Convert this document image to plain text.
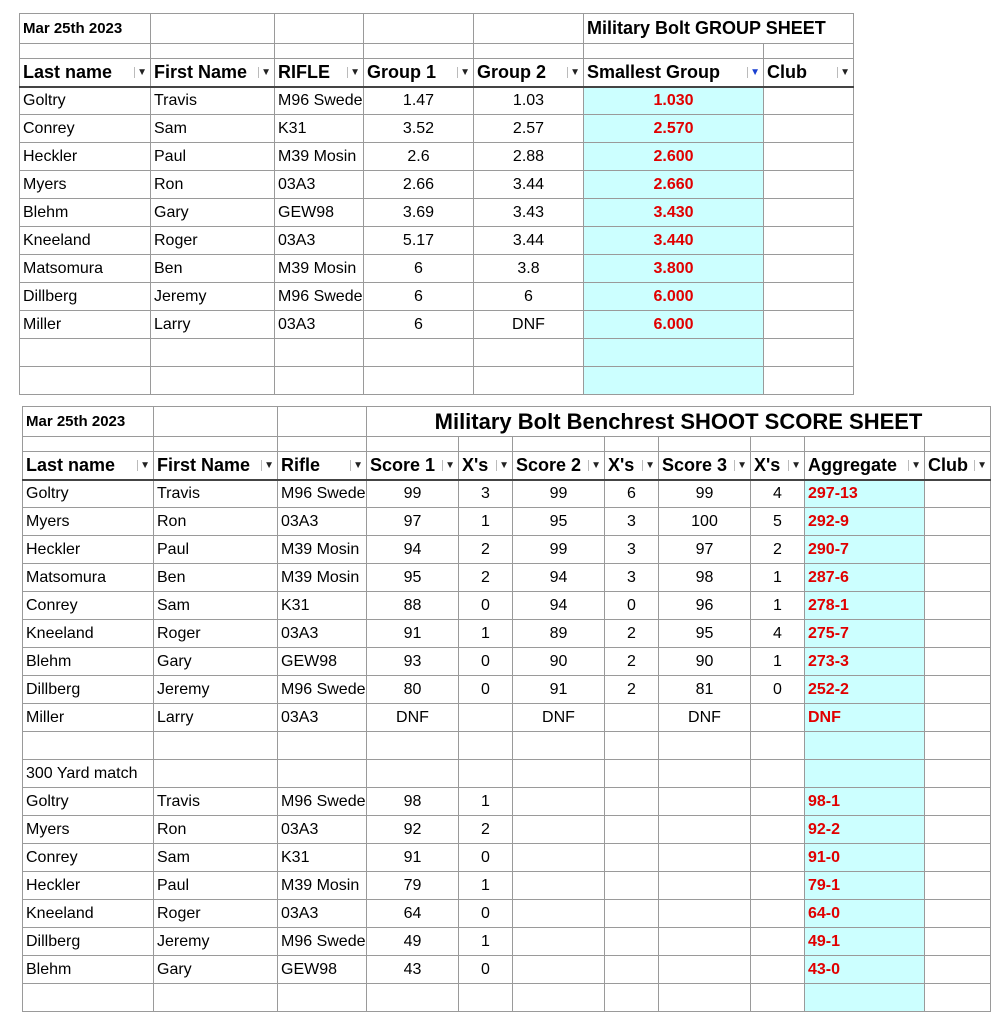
Mar 25th 2023					Military Bolt GROUP SHEET	

Last name ▼	First Name ▼	RIFLE ▼	Group 1 ▼	Group 2 ▼	Smallest Group ▼	Club ▼

Goltry	Travis	M96 Swede	1.47	1.03	1.030	
Conrey	Sam	K31	3.52	2.57	2.570	
Heckler	Paul	M39 Mosin	2.6	2.88	2.600	
Myers	Ron	03A3	2.66	3.44	2.660	
Blehm	Gary	GEW98	3.69	3.43	3.430	
Kneeland	Roger	03A3	5.17	3.44	3.440	
Matsomura	Ben	M39 Mosin	6	3.8	3.800	
Dillberg	Jeremy	M96 Swede	6	6	6.000	
Miller	Larry	03A3	6	DNF	6.000	

Mar 25th 2023			Military Bolt Benchrest SHOOT SCORE SHEET							

Last name ▼	First Name ▼	Rifle ▼	Score 1 ▼	X's ▼	Score 2 ▼	X's ▼	Score 3 ▼	X's ▼	Aggregate ▼	Club ▼

Goltry	Travis	M96 Swede	99	3	99	6	99	4	297-13	
Myers	Ron	03A3	97	1	95	3	100	5	292-9	
Heckler	Paul	M39 Mosin	94	2	99	3	97	2	290-7	
Matsomura	Ben	M39 Mosin	95	2	94	3	98	1	287-6	
Conrey	Sam	K31	88	0	94	0	96	1	278-1	
Kneeland	Roger	03A3	91	1	89	2	95	4	275-7	
Blehm	Gary	GEW98	93	0	90	2	90	1	273-3	
Dillberg	Jeremy	M96 Swede	80	0	91	2	81	0	252-2	
Miller	Larry	03A3	DNF		DNF		DNF		DNF	

300 Yard match										
Goltry	Travis	M96 Swede	98	1					98-1	
Myers	Ron	03A3	92	2					92-2	
Conrey	Sam	K31	91	0					91-0	
Heckler	Paul	M39 Mosin	79	1					79-1	
Kneeland	Roger	03A3	64	0					64-0	
Dillberg	Jeremy	M96 Swede	49	1					49-1	
Blehm	Gary	GEW98	43	0					43-0	
